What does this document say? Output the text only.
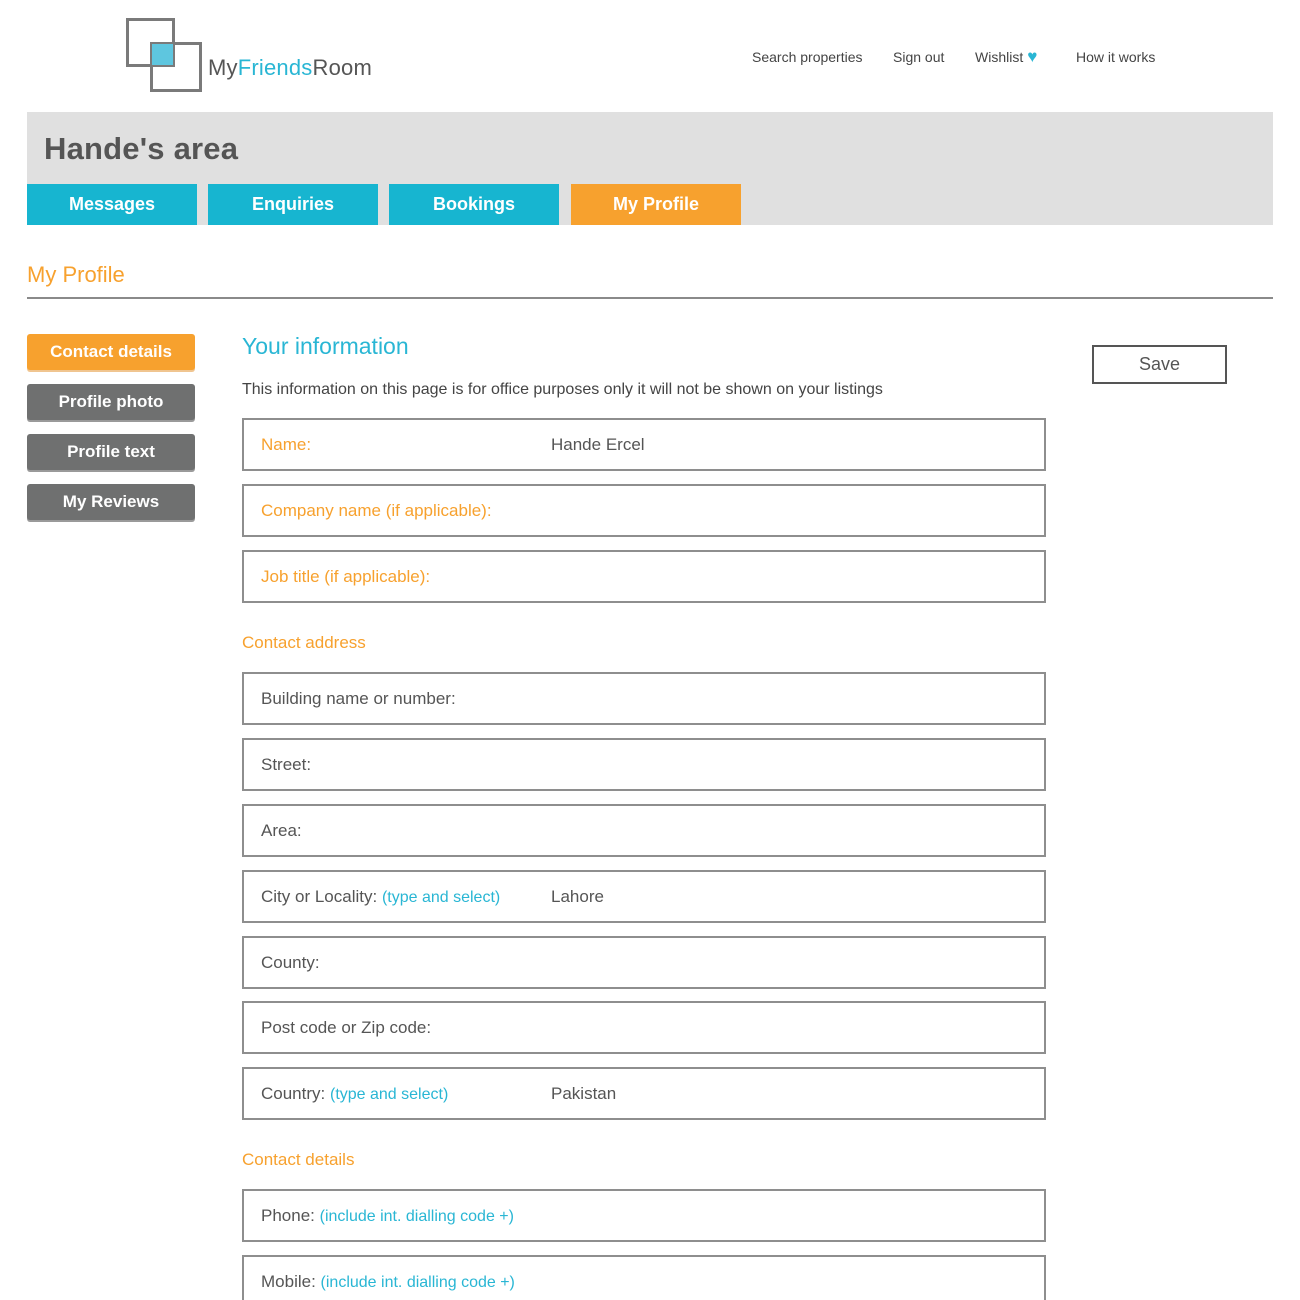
MyFriendsRoom	Search properties Sign out Wishlist ♥	How it works
Hande's area
Messages	Enquiries	Bookings	My Profile
My Profile
Contact details
Profile photo
Profile text
My Reviews
Your information
This information on this page is for office purposes only it will not be shown on your listings
Save
Name:	Hande Ercel
Company name (if applicable):
Job title (if applicable):
Contact address
Building name or number:
Street:
Area:
City or Locality: (type and select)	Lahore
County:
Post code or Zip code:
Country: (type and select)	Pakistan
Contact details
Phone: (include int. dialling code +)
Mobile: (include int. dialling code +)
